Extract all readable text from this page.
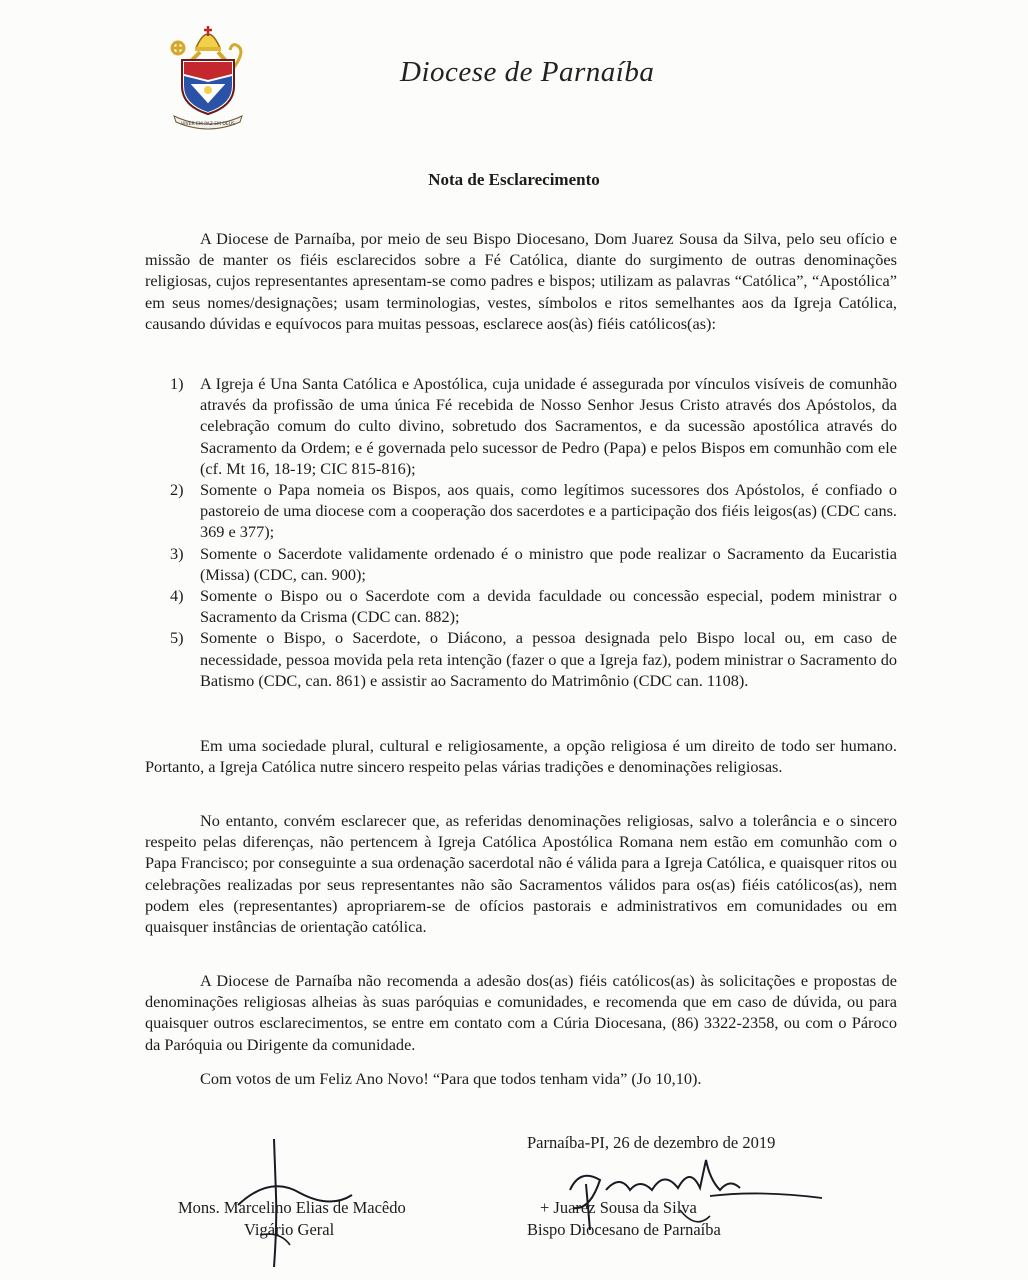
VIVER EM PAZ EM DEUS
Diocese de Parnaíba
Nota de Esclarecimento

A Diocese de Parnaíba, por meio de seu Bispo Diocesano, Dom Juarez Sousa da Silva, pelo seu ofício e missão de manter os fiéis esclarecidos sobre a Fé Católica, diante do surgimento de outras denominações religiosas, cujos representantes apresentam-se como padres e bispos; utilizam as palavras “Católica”, “Apostólica” em seus nomes/designações; usam terminologias, vestes, símbolos e ritos semelhantes aos da Igreja Católica, causando dúvidas e equívocos para muitas pessoas, esclarece aos(às) fiéis católicos(as):

1)	A Igreja é Una Santa Católica e Apostólica, cuja unidade é assegurada por vínculos visíveis de comunhão através da profissão de uma única Fé recebida de Nosso Senhor Jesus Cristo através dos Apóstolos, da celebração comum do culto divino, sobretudo dos Sacramentos, e da sucessão apostólica através do Sacramento da Ordem; e é governada pelo sucessor de Pedro (Papa) e pelos Bispos em comunhão com ele (cf. Mt 16, 18-19; CIC 815-816);
2)	Somente o Papa nomeia os Bispos, aos quais, como legítimos sucessores dos Apóstolos, é confiado o pastoreio de uma diocese com a cooperação dos sacerdotes e a participação dos fiéis leigos(as) (CDC cans. 369 e 377);
3)	Somente o Sacerdote validamente ordenado é o ministro que pode realizar o Sacramento da Eucaristia (Missa) (CDC, can. 900);
4)	Somente o Bispo ou o Sacerdote com a devida faculdade ou concessão especial, podem ministrar o Sacramento da Crisma (CDC can. 882);
5)	Somente o Bispo, o Sacerdote, o Diácono, a pessoa designada pelo Bispo local ou, em caso de necessidade, pessoa movida pela reta intenção (fazer o que a Igreja faz), podem ministrar o Sacramento do Batismo (CDC, can. 861) e assistir ao Sacramento do Matrimônio (CDC can. 1108).

Em uma sociedade plural, cultural e religiosamente, a opção religiosa é um direito de todo ser humano. Portanto, a Igreja Católica nutre sincero respeito pelas várias tradições e denominações religiosas.

No entanto, convém esclarecer que, as referidas denominações religiosas, salvo a tolerância e o sincero respeito pelas diferenças, não pertencem à Igreja Católica Apostólica Romana nem estão em comunhão com o Papa Francisco; por conseguinte a sua ordenação sacerdotal não é válida para a Igreja Católica, e quaisquer ritos ou celebrações realizadas por seus representantes não são Sacramentos válidos para os(as) fiéis católicos(as), nem podem eles (representantes) apropriarem-se de ofícios pastorais e administrativos em comunidades ou em quaisquer instâncias de orientação católica.

A Diocese de Parnaíba não recomenda a adesão dos(as) fiéis católicos(as) às solicitações e propostas de denominações religiosas alheias às suas paróquias e comunidades, e recomenda que em caso de dúvida, ou para quaisquer outros esclarecimentos, se entre em contato com a Cúria Diocesana, (86) 3322-2358, ou com o Pároco da Paróquia ou Dirigente da comunidade.

Com votos de um Feliz Ano Novo! “Para que todos tenham vida” (Jo 10,10).

Parnaíba-PI, 26 de dezembro de 2019
Mons. Marcelino Elias de Macêdo
Vigário Geral
+ Juarez Sousa da Silva
Bispo Diocesano de Parnaíba
